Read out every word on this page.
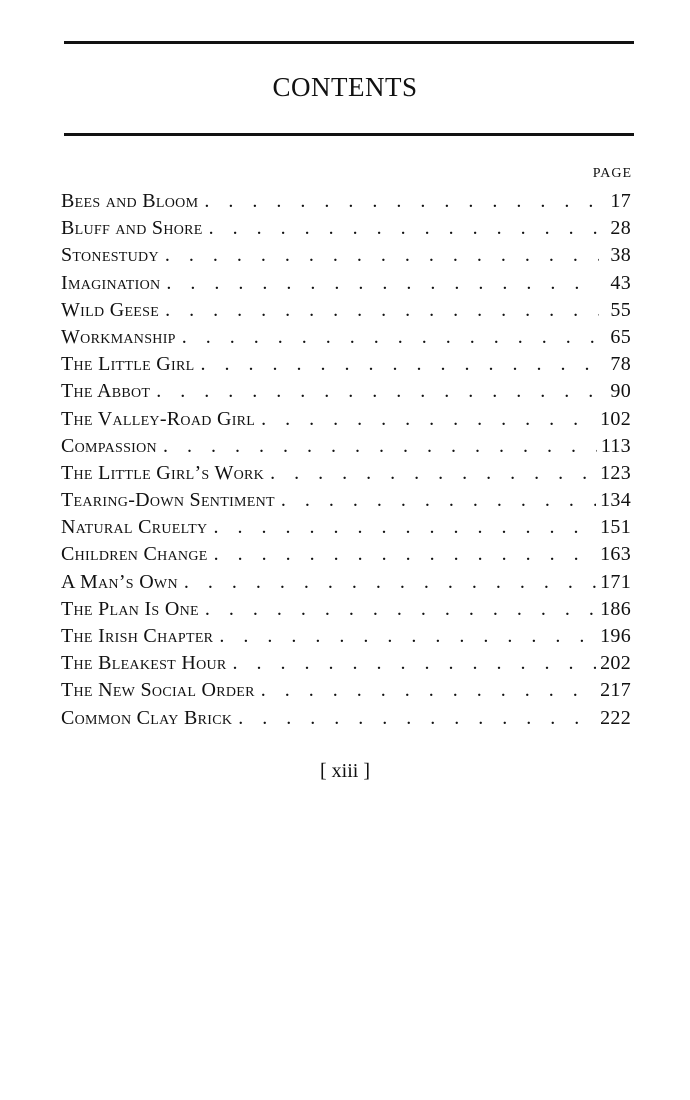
CONTENTS
PAGE
Bees and Bloom . . .	17
Bluff and Shore . . .	28
Stonestudy . . .	38
Imagination . . .	43
Wild Geese . . .	55
Workmanship . . .	65
The Little Girl . . .	78
The Abbot . . .	90
The Valley-Road Girl . . .	102
Compassion . . .	113
The Little Girl’s Work . . .	123
Tearing-Down Sentiment . . .	134
Natural Cruelty . . .	151
Children Change . . .	163
A Man’s Own . . .	171
The Plan Is One . . .	186
The Irish Chapter . . .	196
The Bleakest Hour . . .	202
The New Social Order . . .	217
Common Clay Brick . . .	222
[ xiii ]
